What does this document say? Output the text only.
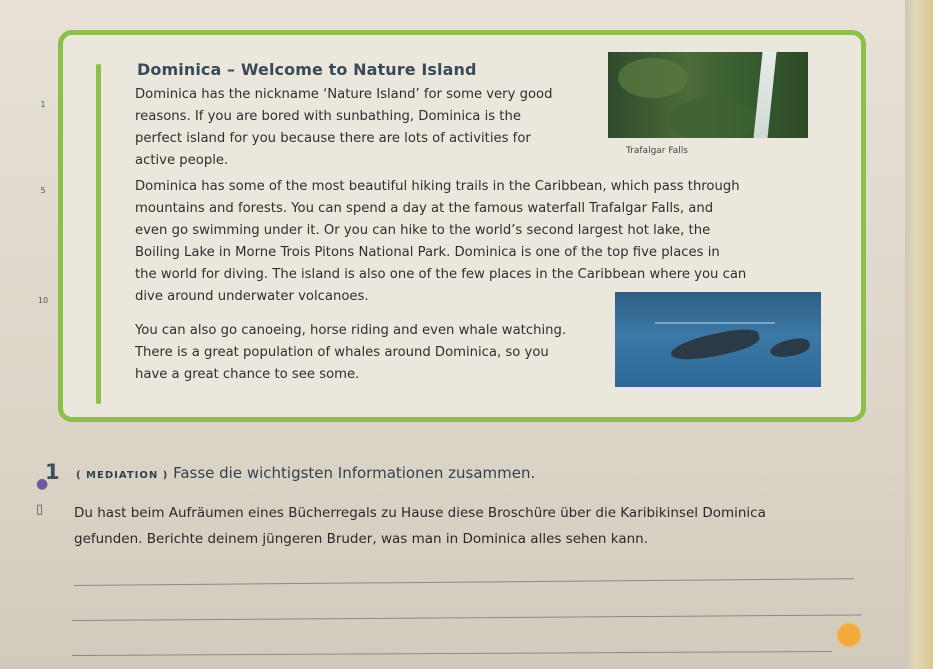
1
5
10
Dominica – Welcome to Nature Island
Dominica has the nickname ‘Nature Island’ for some very good
reasons. If you are bored with sunbathing, Dominica is the
perfect island for you because there are lots of activities for
active people.
Trafalgar Falls
Dominica has some of the most beautiful hiking trails in the Caribbean, which pass through
mountains and forests. You can spend a day at the famous waterfall Trafalgar Falls, and
even go swimming under it. Or you can hike to the world’s second largest hot lake, the
Boiling Lake in Morne Trois Pitons National Park. Dominica is one of the top five places in
the world for diving. The island is also one of the few places in the Caribbean where you can
dive around underwater volcanoes.
You can also go canoeing, horse riding and even whale watching.
There is a great population of whales around Dominica, so you
have a great chance to see some.
●
▯
1 ( MEDIATION ) Fasse die wichtigsten Informationen zusammen.
Du hast beim Aufräumen eines Bücherregals zu Hause diese Broschüre über die Karibikinsel Dominica
gefunden. Berichte deinem jüngeren Bruder, was man in Dominica alles sehen kann.
